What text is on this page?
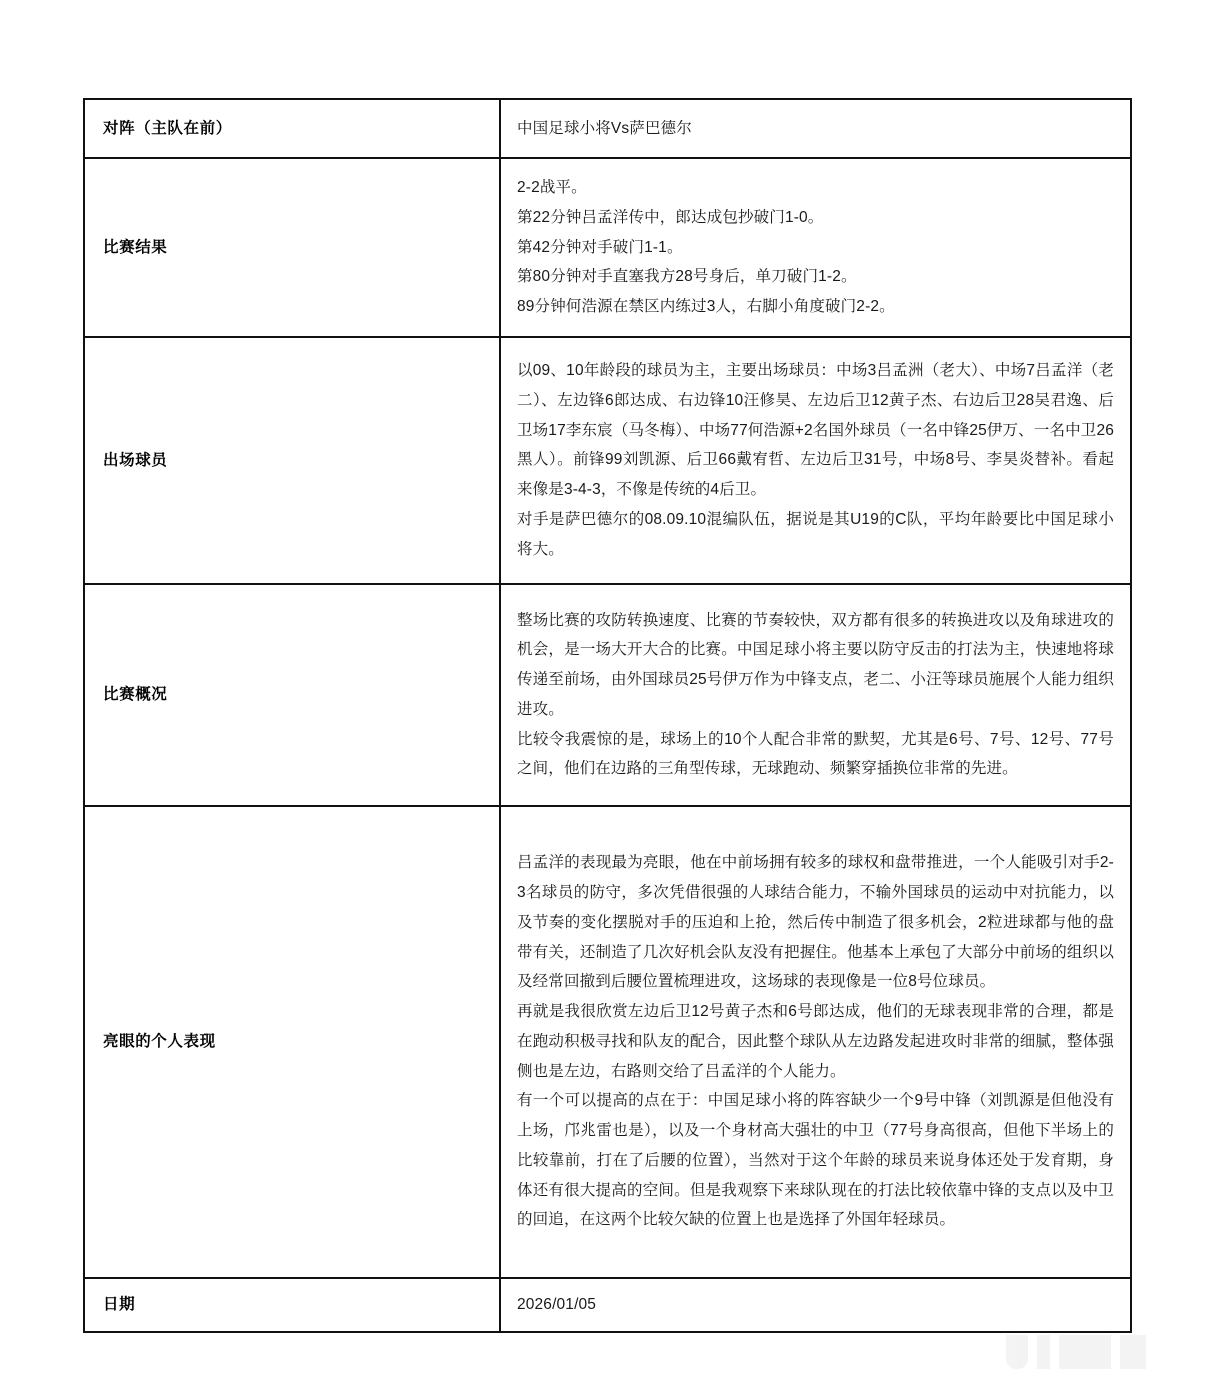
对阵（主队在前）	中国足球小将Vs萨巴德尔

比赛结果	2-2战平。

第22分钟吕孟洋传中，郎达成包抄破门1-0。

第42分钟对手破门1-1。

第80分钟对手直塞我方28号身后，单刀破门1-2。

89分钟何浩源在禁区内练过3人，右脚小角度破门2-2。

出场球员	以09、10年龄段的球员为主，主要出场球员：中场3吕孟洲（老大）、中场7吕孟洋（老二）、左边锋6郎达成、右边锋10汪修昊、左边后卫12黄子杰、右边后卫28吴君逸、后卫场17李东宸（马冬梅）、中场77何浩源+2名国外球员（一名中锋25伊万、一名中卫26黑人）。前锋99刘凯源、后卫66戴宥哲、左边后卫31号，中场8号、李昊炎替补。看起来像是3-4-3，不像是传统的4后卫。

对手是萨巴德尔的08.09.10混编队伍，据说是其U19的C队，平均年龄要比中国足球小将大。

比赛概况	整场比赛的攻防转换速度、比赛的节奏较快，双方都有很多的转换进攻以及角球进攻的机会，是一场大开大合的比赛。中国足球小将主要以防守反击的打法为主，快速地将球传递至前场，由外国球员25号伊万作为中锋支点，老二、小汪等球员施展个人能力组织进攻。

比较令我震惊的是，球场上的10个人配合非常的默契，尤其是6号、7号、12号、77号之间，他们在边路的三角型传球，无球跑动、频繁穿插换位非常的先进。

亮眼的个人表现	吕孟洋的表现最为亮眼，他在中前场拥有较多的球权和盘带推进，一个人能吸引对手2-3名球员的防守，多次凭借很强的人球结合能力，不输外国球员的运动中对抗能力，以及节奏的变化摆脱对手的压迫和上抢，然后传中制造了很多机会，2粒进球都与他的盘带有关，还制造了几次好机会队友没有把握住。他基本上承包了大部分中前场的组织以及经常回撤到后腰位置梳理进攻，这场球的表现像是一位8号位球员。

再就是我很欣赏左边后卫12号黄子杰和6号郎达成，他们的无球表现非常的合理，都是在跑动积极寻找和队友的配合，因此整个球队从左边路发起进攻时非常的细腻，整体强侧也是左边，右路则交给了吕孟洋的个人能力。

有一个可以提高的点在于：中国足球小将的阵容缺少一个9号中锋（刘凯源是但他没有上场，邝兆雷也是），以及一个身材高大强壮的中卫（77号身高很高，但他下半场上的比较靠前，打在了后腰的位置），当然对于这个年龄的球员来说身体还处于发育期，身体还有很大提高的空间。但是我观察下来球队现在的打法比较依靠中锋的支点以及中卫的回追，在这两个比较欠缺的位置上也是选择了外国年轻球员。

日期	2026/01/05
